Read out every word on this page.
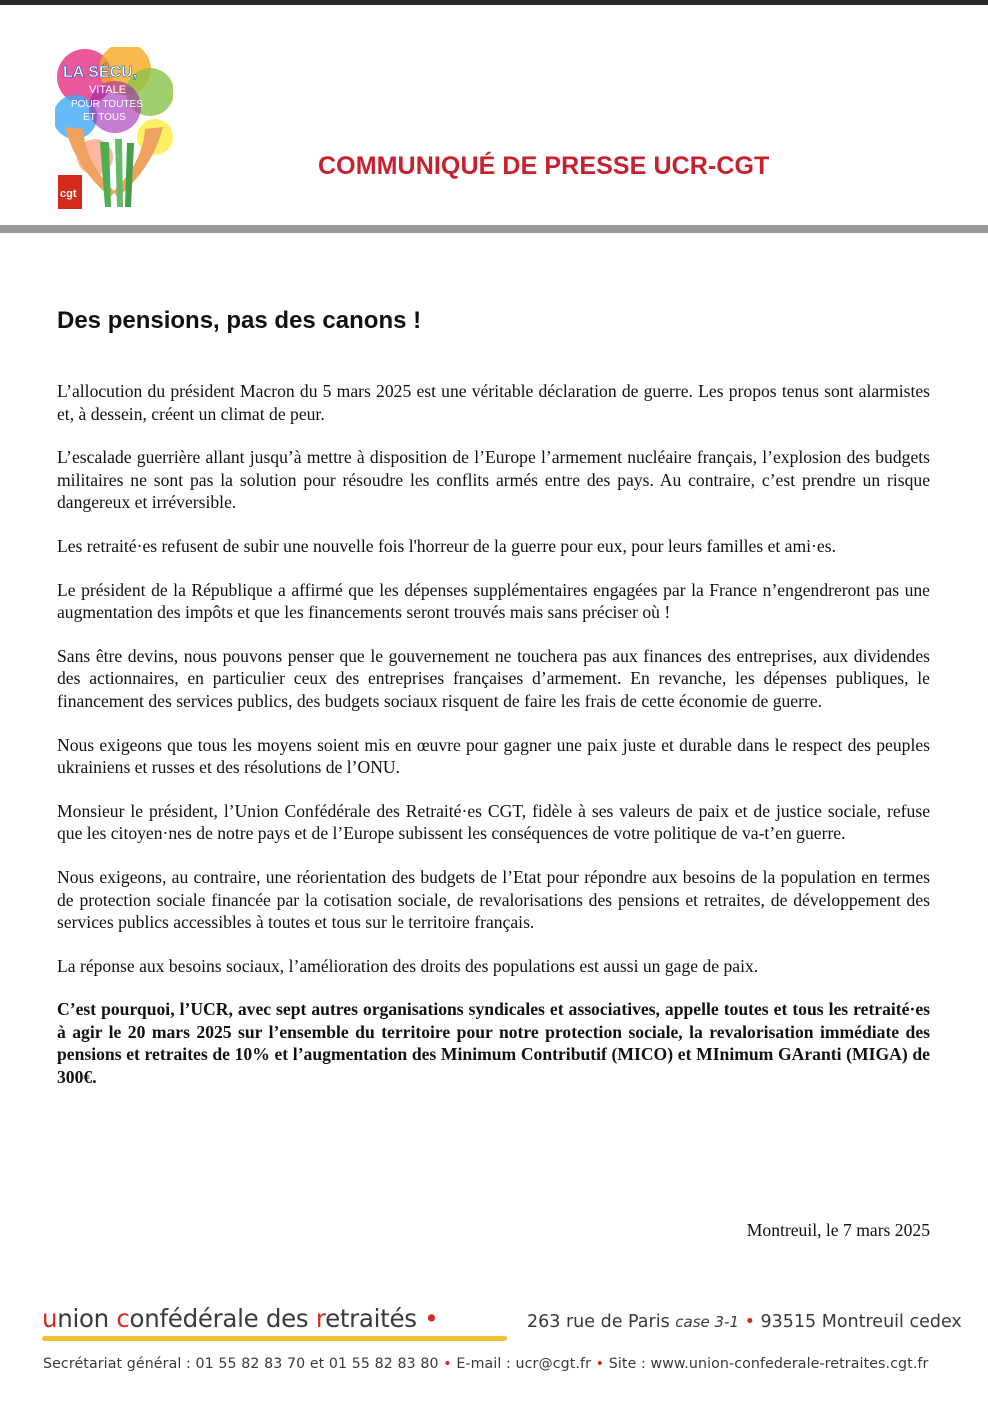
LA SÉCU,
VITALE
POUR TOUTES
ET TOUS
cgt
COMMUNIQUÉ DE PRESSE UCR-CGT
Des pensions, pas des canons !

L’allocution du président Macron du 5 mars 2025 est une véritable déclaration de guerre. Les propos tenus sont alarmistes et, à dessein, créent un climat de peur.

L’escalade guerrière allant jusqu’à mettre à disposition de l’Europe l’armement nucléaire français, l’explosion des budgets militaires ne sont pas la solution pour résoudre les conflits armés entre des pays. Au contraire, c’est prendre un risque dangereux et irréversible.

Les retraité·es refusent de subir une nouvelle fois l'horreur de la guerre pour eux, pour leurs familles et ami·es.

Le président de la République a affirmé que les dépenses supplémentaires engagées par la France n’engendreront pas une augmentation des impôts et que les financements seront trouvés mais sans préciser où !

Sans être devins, nous pouvons penser que le gouvernement ne touchera pas aux finances des entreprises, aux dividendes des actionnaires, en particulier ceux des entreprises françaises d’armement. En revanche, les dépenses publiques, le financement des services publics, des budgets sociaux risquent de faire les frais de cette économie de guerre.

Nous exigeons que tous les moyens soient mis en œuvre pour gagner une paix juste et durable dans le respect des peuples ukrainiens et russes et des résolutions de l’ONU.

Monsieur le président, l’Union Confédérale des Retraité·es CGT, fidèle à ses valeurs de paix et de justice sociale, refuse que les citoyen·nes de notre pays et de l’Europe subissent les conséquences de votre politique de va-t’en guerre.

Nous exigeons, au contraire, une réorientation des budgets de l’Etat pour répondre aux besoins de la population en termes de protection sociale financée par la cotisation sociale, de revalorisations des pensions et retraites, de développement des services publics accessibles à toutes et tous sur le territoire français.

La réponse aux besoins sociaux, l’amélioration des droits des populations est aussi un gage de paix.

C’est pourquoi, l’UCR, avec sept autres organisations syndicales et associatives, appelle toutes et tous les retraité·es à agir le 20 mars 2025 sur l’ensemble du territoire pour notre protection sociale, la revalorisation immédiate des pensions et retraites de 10% et l’augmentation des Minimum Contributif (MICO) et MInimum GAranti (MIGA) de 300€.

Montreuil, le 7 mars 2025
union confédérale des retraités •	263 rue de Paris case 3-1 • 93515 Montreuil cedex
Secrétariat général : 01 55 82 83 70 et 01 55 82 83 80 • E-mail : ucr@cgt.fr • Site : www.union-confederale-retraites.cgt.fr
